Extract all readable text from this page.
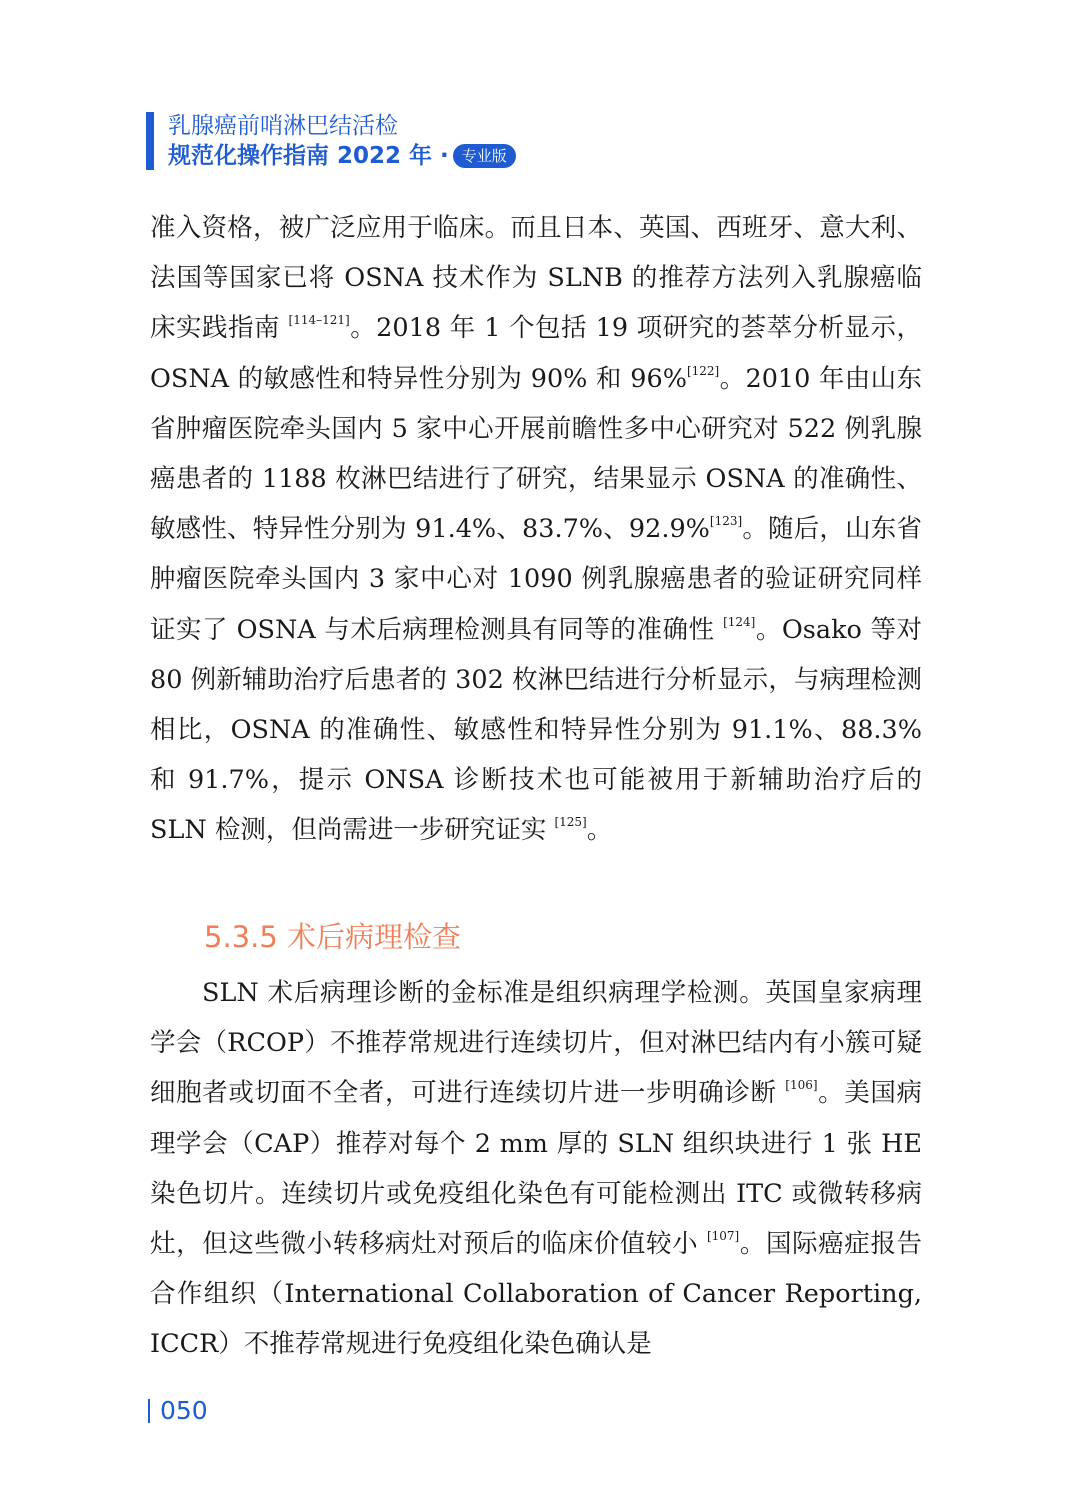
乳腺癌前哨淋巴结活检
规范化操作指南 2022 年 · 专业版

准入资格，被广泛应用于临床。而且日本、英国、西班牙、意大利、法国等国家已将 OSNA 技术作为 SLNB 的推荐方法列入乳腺癌临床实践指南 [114–121]。2018 年 1 个包括 19 项研究的荟萃分析显示，OSNA 的敏感性和特异性分别为 90% 和 96%[122]。2010 年由山东省肿瘤医院牵头国内 5 家中心开展前瞻性多中心研究对 522 例乳腺癌患者的 1188 枚淋巴结进行了研究，结果显示 OSNA 的准确性、敏感性、特异性分别为 91.4%、83.7%、92.9%[123]。随后，山东省肿瘤医院牵头国内 3 家中心对 1090 例乳腺癌患者的验证研究同样证实了 OSNA 与术后病理检测具有同等的准确性 [124]。Osako 等对 80 例新辅助治疗后患者的 302 枚淋巴结进行分析显示，与病理检测相比，OSNA 的准确性、敏感性和特异性分别为 91.1%、88.3% 和 91.7%，提示 ONSA 诊断技术也可能被用于新辅助治疗后的 SLN 检测，但尚需进一步研究证实 [125]。

5.3.5 术后病理检查

SLN 术后病理诊断的金标准是组织病理学检测。英国皇家病理学会（RCOP）不推荐常规进行连续切片，但对淋巴结内有小簇可疑细胞者或切面不全者，可进行连续切片进一步明确诊断 [106]。美国病理学会（CAP）推荐对每个 2 mm 厚的 SLN 组织块进行 1 张 HE 染色切片。连续切片或免疫组化染色有可能检测出 ITC 或微转移病灶，但这些微小转移病灶对预后的临床价值较小 [107]。国际癌症报告合作组织（International Collaboration of Cancer Reporting, ICCR）不推荐常规进行免疫组化染色确认是

050
